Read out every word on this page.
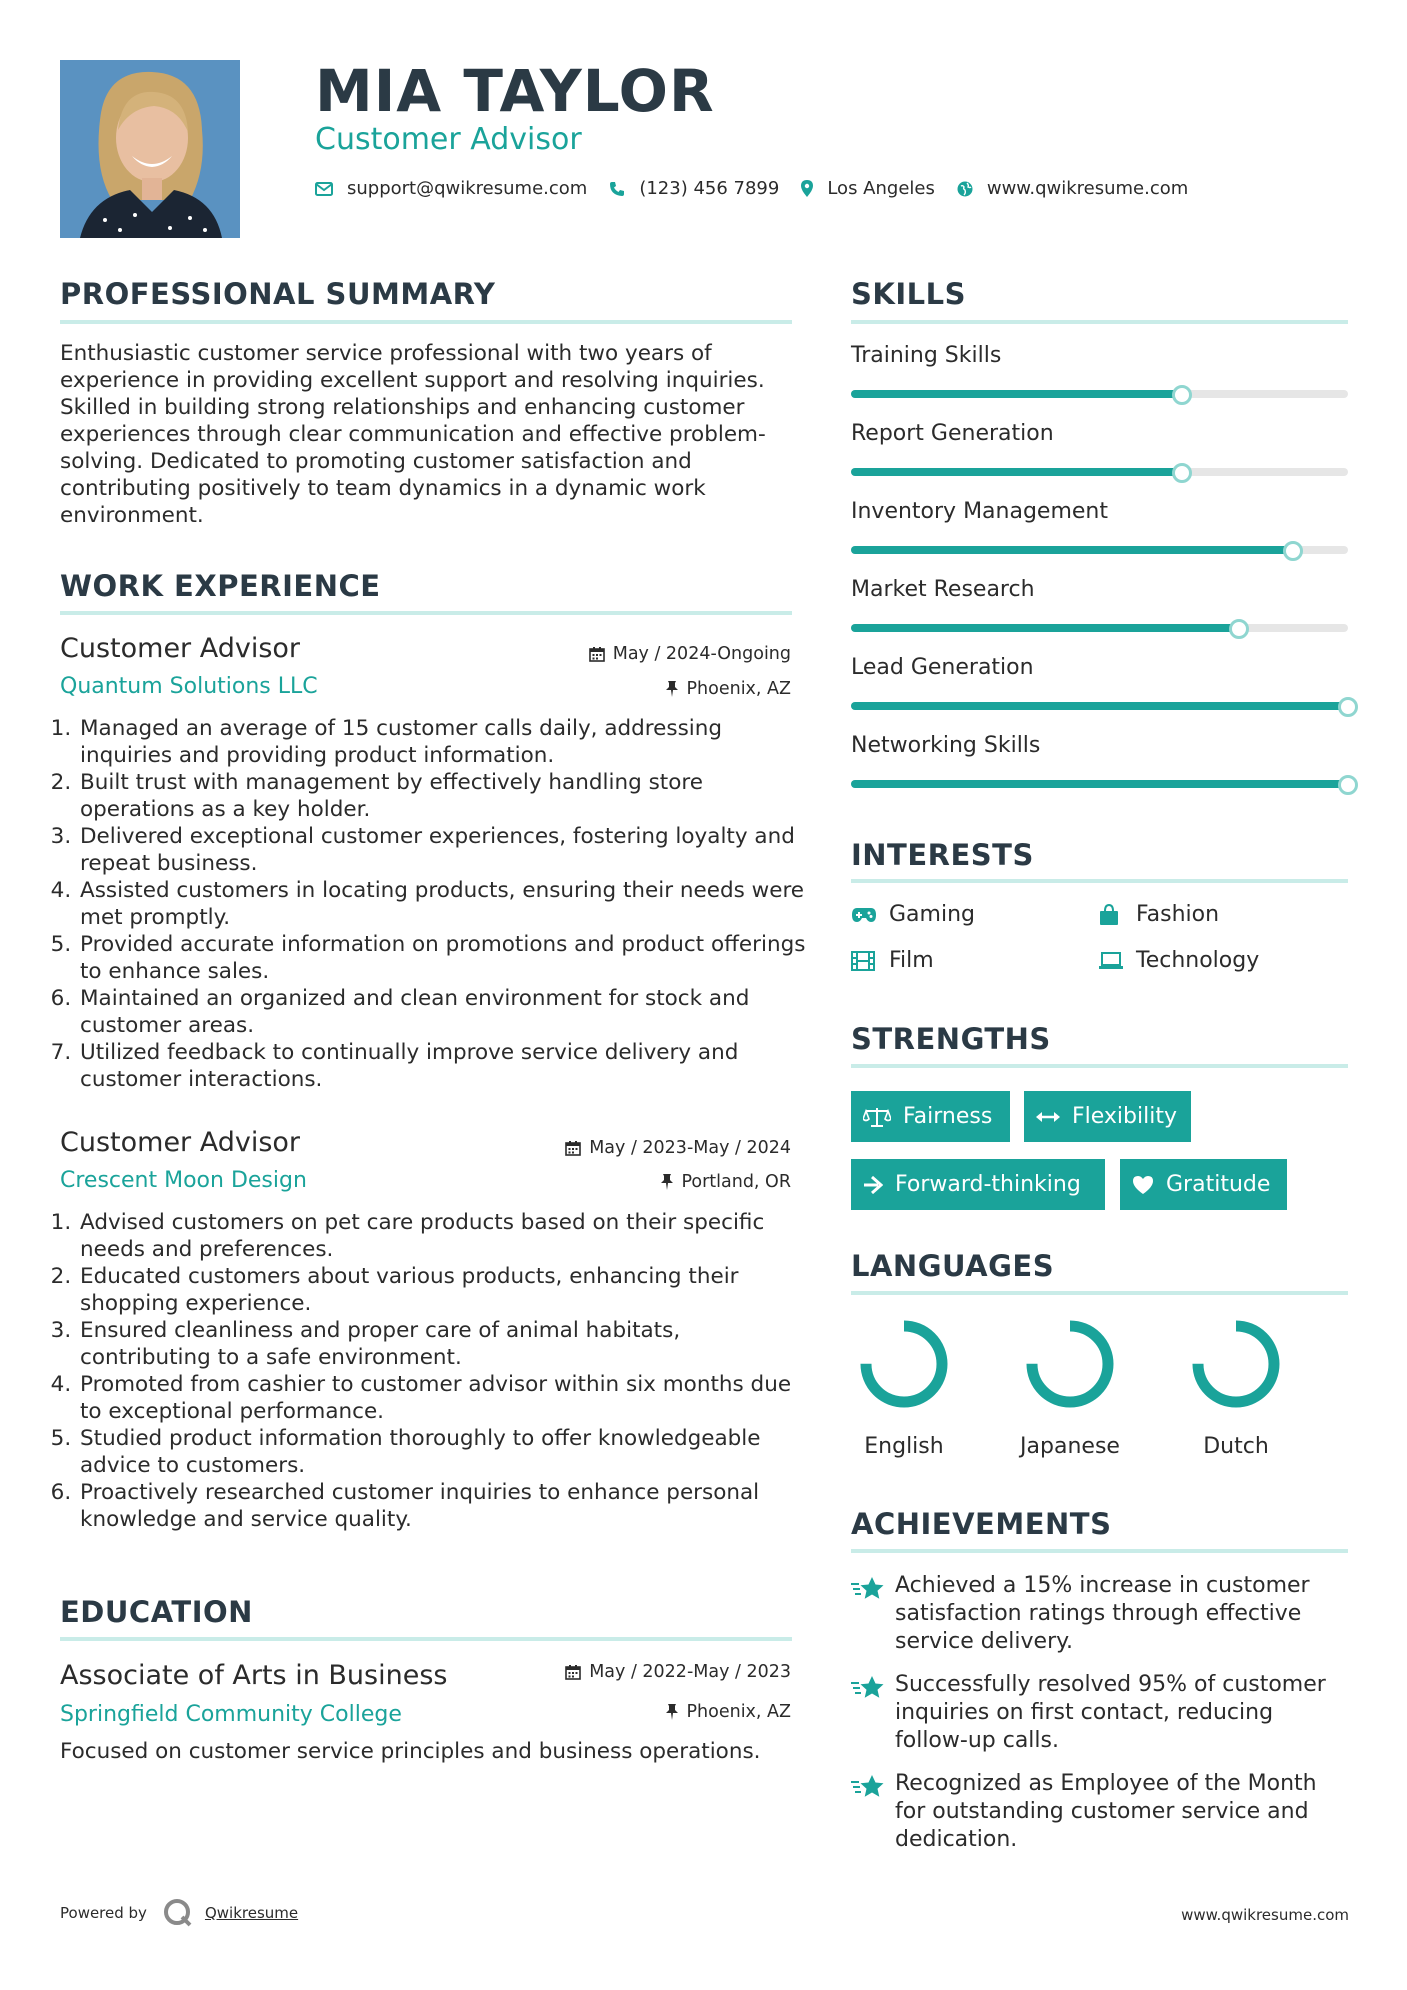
MIA TAYLOR
Customer Advisor
support@qwikresume.com	(123) 456 7899	Los Angeles	www.qwikresume.com
PROFESSIONAL SUMMARY
Enthusiastic customer service professional with two years of experience in providing excellent support and resolving inquiries. Skilled in building strong relationships and enhancing customer experiences through clear communication and effective problem-solving. Dedicated to promoting customer satisfaction and contributing positively to team dynamics in a dynamic work environment.
WORK EXPERIENCE
Customer Advisor	May / 2024-Ongoing
Quantum Solutions LLC	Phoenix, AZ
1. Managed an average of 15 customer calls daily, addressing inquiries and providing product information.
2. Built trust with management by effectively handling store operations as a key holder.
3. Delivered exceptional customer experiences, fostering loyalty and repeat business.
4. Assisted customers in locating products, ensuring their needs were met promptly.
5. Provided accurate information on promotions and product offerings to enhance sales.
6. Maintained an organized and clean environment for stock and customer areas.
7. Utilized feedback to continually improve service delivery and customer interactions.
Customer Advisor	May / 2023-May / 2024
Crescent Moon Design	Portland, OR
1. Advised customers on pet care products based on their specific needs and preferences.
2. Educated customers about various products, enhancing their shopping experience.
3. Ensured cleanliness and proper care of animal habitats, contributing to a safe environment.
4. Promoted from cashier to customer advisor within six months due to exceptional performance.
5. Studied product information thoroughly to offer knowledgeable advice to customers.
6. Proactively researched customer inquiries to enhance personal knowledge and service quality.
EDUCATION
Associate of Arts in Business	May / 2022-May / 2023
Springfield Community College	Phoenix, AZ
Focused on customer service principles and business operations.
SKILLS
Training Skills
Report Generation
Inventory Management
Market Research
Lead Generation
Networking Skills
INTERESTS
Gaming	Fashion
Film	Technology
STRENGTHS
Fairness	Flexibility
Forward-thinking	Gratitude
LANGUAGES
English	Japanese	Dutch
ACHIEVEMENTS
Achieved a 15% increase in customer satisfaction ratings through effective service delivery.
Successfully resolved 95% of customer inquiries on first contact, reducing follow-up calls.
Recognized as Employee of the Month for outstanding customer service and dedication.
Powered by	Qwikresume	www.qwikresume.com
